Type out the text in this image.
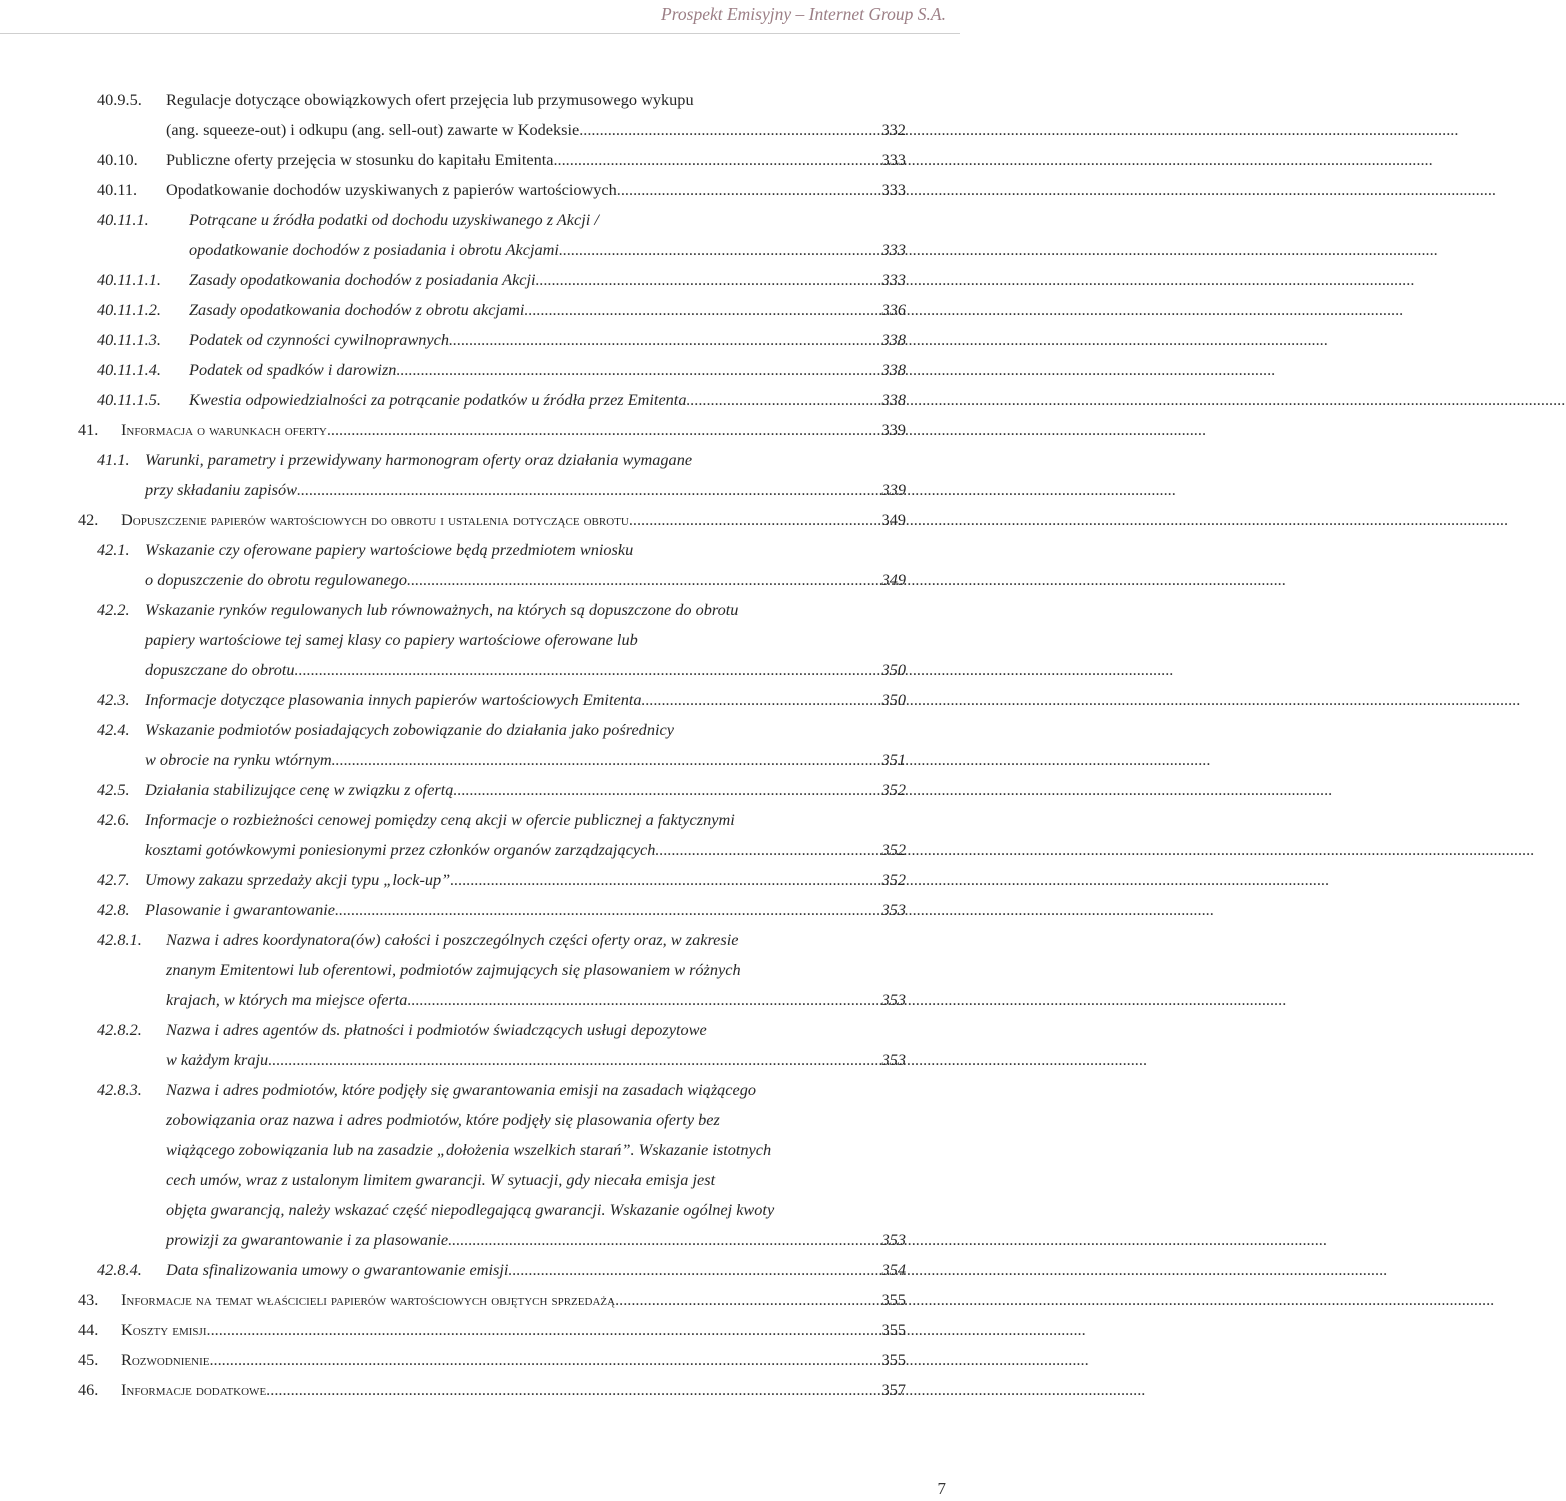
Prospekt Emisyjny – Internet Group S.A.
40.9.5. Regulacje dotyczące obowiązkowych ofert przejęcia lub przymusowego wykupu
(ang. squeeze-out) i odkupu (ang. sell-out) zawarte w Kodeksie .....	332
40.10. Publiczne oferty przejęcia w stosunku do kapitału Emitenta .....	333
40.11. Opodatkowanie dochodów uzyskiwanych z papierów wartościowych .....	333
40.11.1. Potrącane u źródła podatki od dochodu uzyskiwanego z Akcji /
opodatkowanie dochodów z posiadania i obrotu Akcjami .....	333
40.11.1.1. Zasady opodatkowania dochodów z posiadania Akcji .....	333
40.11.1.2. Zasady opodatkowania dochodów z obrotu akcjami .....	336
40.11.1.3. Podatek od czynności cywilnoprawnych .....	338
40.11.1.4. Podatek od spadków i darowizn .....	338
40.11.1.5. Kwestia odpowiedzialności za potrącanie podatków u źródła przez Emitenta .....	338
41. Informacja o warunkach oferty .....	339
41.1. Warunki, parametry i przewidywany harmonogram oferty oraz działania wymagane
przy składaniu zapisów .....	339
42. Dopuszczenie papierów wartościowych do obrotu i ustalenia dotyczące obrotu .....	349
42.1. Wskazanie czy oferowane papiery wartościowe będą przedmiotem wniosku
o dopuszczenie do obrotu regulowanego .....	349
42.2. Wskazanie rynków regulowanych lub równoważnych, na których są dopuszczone do obrotu
papiery wartościowe tej samej klasy co papiery wartościowe oferowane lub
dopuszczane do obrotu .....	350
42.3. Informacje dotyczące plasowania innych papierów wartościowych Emitenta .....	350
42.4. Wskazanie podmiotów posiadających zobowiązanie do działania jako pośrednicy
w obrocie na rynku wtórnym .....	351
42.5. Działania stabilizujące cenę w związku z ofertą .....	352
42.6. Informacje o rozbieżności cenowej pomiędzy ceną akcji w ofercie publicznej a faktycznymi
kosztami gotówkowymi poniesionymi przez członków organów zarządzających .....	352
42.7. Umowy zakazu sprzedaży akcji typu „lock-up” .....	352
42.8. Plasowanie i gwarantowanie .....	353
42.8.1. Nazwa i adres koordynatora(ów) całości i poszczególnych części oferty oraz, w zakresie
znanym Emitentowi lub oferentowi, podmiotów zajmujących się plasowaniem w różnych
krajach, w których ma miejsce oferta .....	353
42.8.2. Nazwa i adres agentów ds. płatności i podmiotów świadczących usługi depozytowe
w każdym kraju .....	353
42.8.3. Nazwa i adres podmiotów, które podjęły się gwarantowania emisji na zasadach wiążącego
zobowiązania oraz nazwa i adres podmiotów, które podjęły się plasowania oferty bez
wiążącego zobowiązania lub na zasadzie „dołożenia wszelkich starań”. Wskazanie istotnych
cech umów, wraz z ustalonym limitem gwarancji. W sytuacji, gdy niecała emisja jest
objęta gwarancją, należy wskazać część niepodlegającą gwarancji. Wskazanie ogólnej kwoty
prowizji za gwarantowanie i za plasowanie .....	353
42.8.4. Data sfinalizowania umowy o gwarantowanie emisji .....	354
43. Informacje na temat właścicieli papierów wartościowych objętych sprzedażą .....	355
44. Koszty emisji .....	355
45. Rozwodnienie .....	355
46. Informacje dodatkowe .....	357
7
